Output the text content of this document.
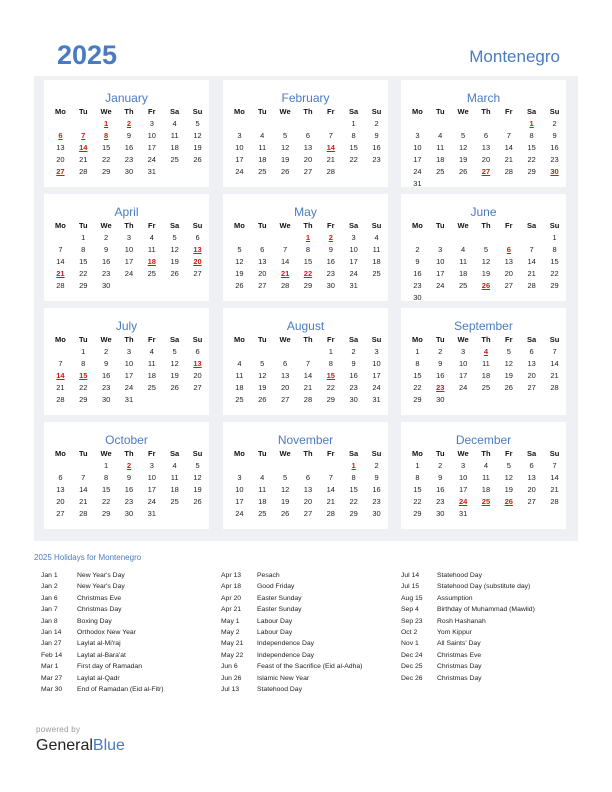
2025	Montenegro
January
Mo	Tu	We	Th	Fr	Sa	Su
		1	2	3	4	5
6	7	8	9	10	11	12
13	14	15	16	17	18	19
20	21	22	23	24	25	26
27	28	29	30	31		
February
Mo	Tu	We	Th	Fr	Sa	Su
					1	2
3	4	5	6	7	8	9
10	11	12	13	14	15	16
17	18	19	20	21	22	23
24	25	26	27	28		
March
Mo	Tu	We	Th	Fr	Sa	Su
					1	2
3	4	5	6	7	8	9
10	11	12	13	14	15	16
17	18	19	20	21	22	23
24	25	26	27	28	29	30
31						
April
Mo	Tu	We	Th	Fr	Sa	Su
	1	2	3	4	5	6
7	8	9	10	11	12	13
14	15	16	17	18	19	20
21	22	23	24	25	26	27
28	29	30				
May
Mo	Tu	We	Th	Fr	Sa	Su
			1	2	3	4
5	6	7	8	9	10	11
12	13	14	15	16	17	18
19	20	21	22	23	24	25
26	27	28	29	30	31	
June
Mo	Tu	We	Th	Fr	Sa	Su
						1
2	3	4	5	6	7	8
9	10	11	12	13	14	15
16	17	18	19	20	21	22
23	24	25	26	27	28	29
30						
July
Mo	Tu	We	Th	Fr	Sa	Su
	1	2	3	4	5	6
7	8	9	10	11	12	13
14	15	16	17	18	19	20
21	22	23	24	25	26	27
28	29	30	31			
August
Mo	Tu	We	Th	Fr	Sa	Su
				1	2	3
4	5	6	7	8	9	10
11	12	13	14	15	16	17
18	19	20	21	22	23	24
25	26	27	28	29	30	31
September
Mo	Tu	We	Th	Fr	Sa	Su
1	2	3	4	5	6	7
8	9	10	11	12	13	14
15	16	17	18	19	20	21
22	23	24	25	26	27	28
29	30					
October
Mo	Tu	We	Th	Fr	Sa	Su
		1	2	3	4	5
6	7	8	9	10	11	12
13	14	15	16	17	18	19
20	21	22	23	24	25	26
27	28	29	30	31		
November
Mo	Tu	We	Th	Fr	Sa	Su
					1	2
3	4	5	6	7	8	9
10	11	12	13	14	15	16
17	18	19	20	21	22	23
24	25	26	27	28	29	30
December
Mo	Tu	We	Th	Fr	Sa	Su
1	2	3	4	5	6	7
8	9	10	11	12	13	14
15	16	17	18	19	20	21
22	23	24	25	26	27	28
29	30	31				
2025 Holidays for Montenegro
Jan 1	New Year's Day
Jan 2	New Year's Day
Jan 6	Christmas Eve
Jan 7	Christmas Day
Jan 8	Boxing Day
Jan 14 Orthodox New Year
Jan 27 Laylat al-Mi'raj
Feb 14 Laylat al-Bara'at
Mar 1	First day of Ramadan
Mar 27 Laylat al-Qadr
Mar 30 End of Ramadan (Eid al-Fitr)
Apr 13 Pesach
Apr 18 Good Friday
Apr 20 Easter Sunday
Apr 21 Easter Sunday
May 1	Labour Day
May 2	Labour Day
May 21 Independence Day
May 22 Independence Day
Jun 6	Feast of the Sacrifice (Eid al-Adha)
Jun 26 Islamic New Year
Jul 13	Statehood Day
Jul 14	Statehood Day
Jul 15	Statehood Day (substitute day)
Aug 15 Assumption
Sep 4	Birthday of Muhammad (Mawlid)
Sep 23 Rosh Hashanah
Oct 2	Yom Kippur
Nov 1	All Saints' Day
Dec 24 Christmas Eve
Dec 25 Christmas Day
Dec 26 Christmas Day
powered by
GeneralBlue
